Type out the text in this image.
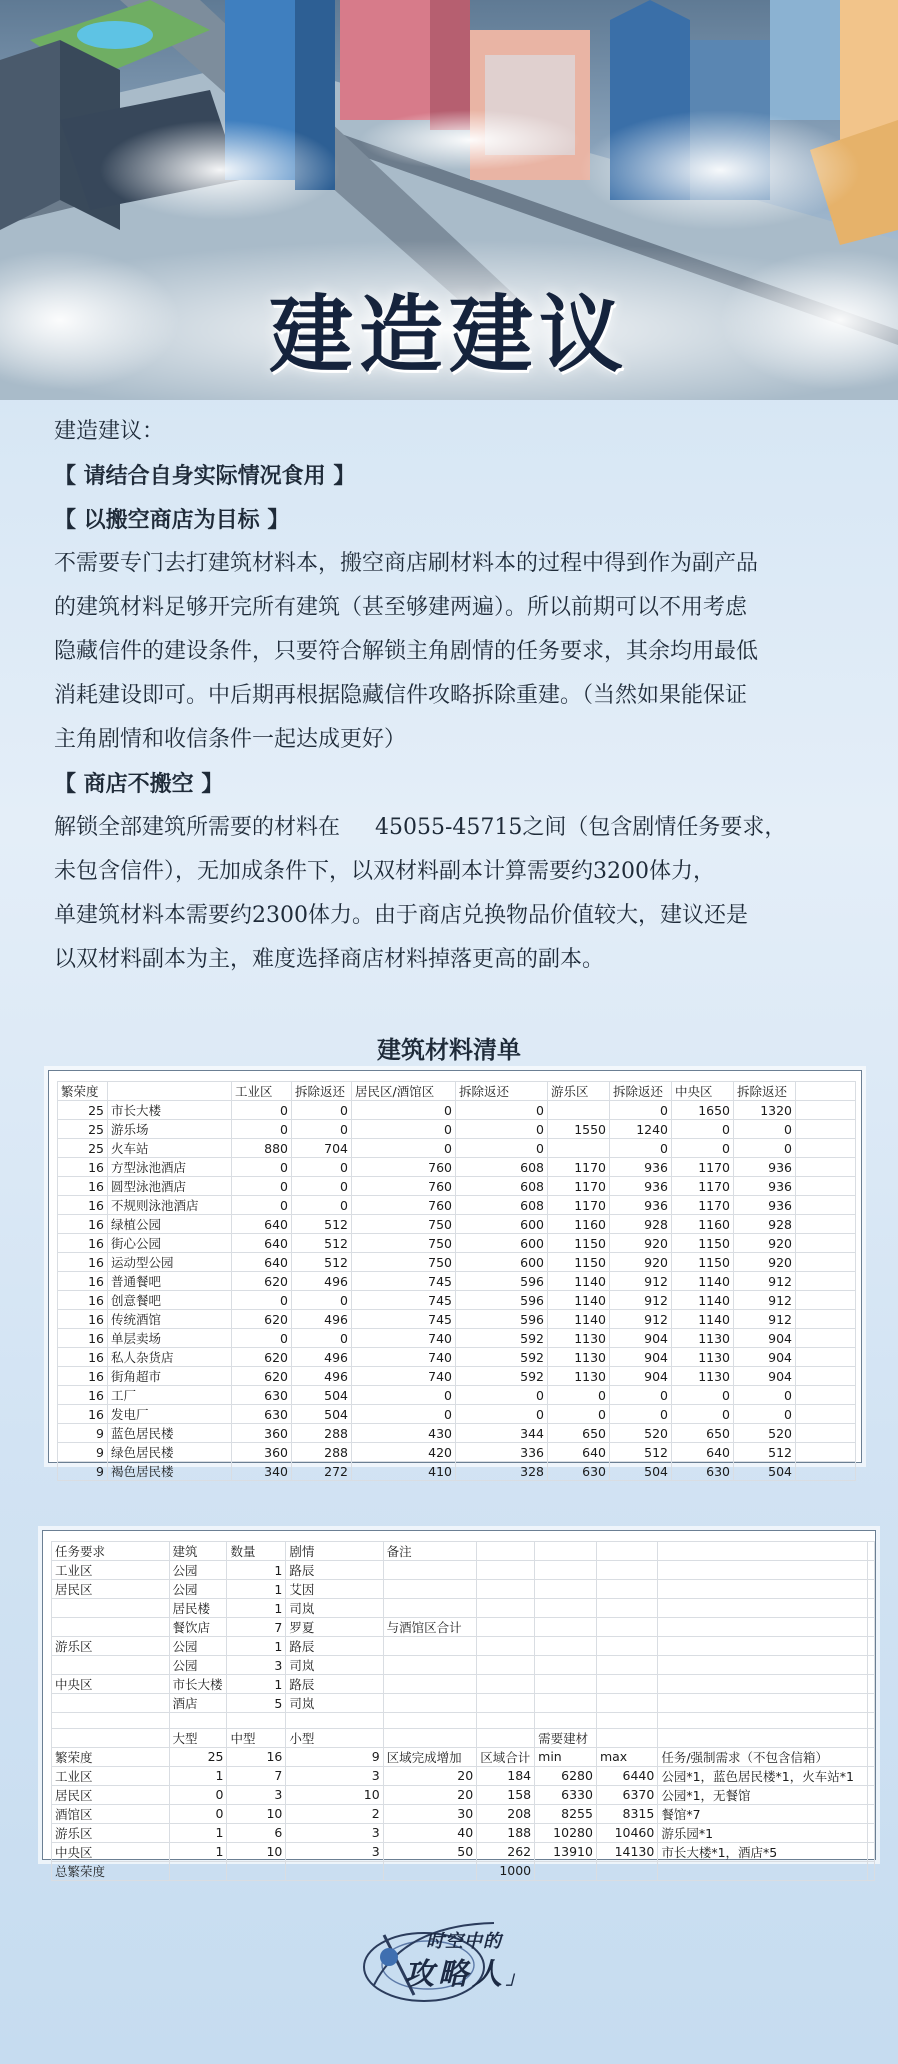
建造建议

建造建议：

【 请结合自身实际情况食用 】

【 以搬空商店为目标 】

不需要专门去打建筑材料本，搬空商店刷材料本的过程中得到作为副产品

的建筑材料足够开完所有建筑（甚至够建两遍）。所以前期可以不用考虑

隐藏信件的建设条件，只要符合解锁主角剧情的任务要求，其余均用最低

消耗建设即可。中后期再根据隐藏信件攻略拆除重建。（当然如果能保证

主角剧情和收信条件一起达成更好）

【 商店不搬空 】

解锁全部建筑所需要的材料在     45055-45715之间（包含剧情任务要求，

未包含信件），无加成条件下，以双材料副本计算需要约3200体力，

单建筑材料本需要约2300体力。由于商店兑换物品价值较大，建议还是

以双材料副本为主，难度选择商店材料掉落更高的副本。

建筑材料清单
繁荣度		工业区	拆除返还	居民区/酒馆区	拆除返还	游乐区	拆除返还	中央区	拆除返还	
25	市长大楼	0	0	0	0		0	1650	1320	
25	游乐场	0	0	0	0	1550	1240	0	0	
25	火车站	880	704	0	0		0	0	0	
16	方型泳池酒店	0	0	760	608	1170	936	1170	936	
16	圆型泳池酒店	0	0	760	608	1170	936	1170	936	
16	不规则泳池酒店	0	0	760	608	1170	936	1170	936	
16	绿植公园	640	512	750	600	1160	928	1160	928	
16	街心公园	640	512	750	600	1150	920	1150	920	
16	运动型公园	640	512	750	600	1150	920	1150	920	
16	普通餐吧	620	496	745	596	1140	912	1140	912	
16	创意餐吧	0	0	745	596	1140	912	1140	912	
16	传统酒馆	620	496	745	596	1140	912	1140	912	
16	单层卖场	0	0	740	592	1130	904	1130	904	
16	私人杂货店	620	496	740	592	1130	904	1130	904	
16	街角超市	620	496	740	592	1130	904	1130	904	
16	工厂	630	504	0	0	0	0	0	0	
16	发电厂	630	504	0	0	0	0	0	0	
9	蓝色居民楼	360	288	430	344	650	520	650	520	
9	绿色居民楼	360	288	420	336	640	512	640	512	
9	褐色居民楼	340	272	410	328	630	504	630	504	
任务要求	建筑	数量	剧情	备注					
工业区	公园	1	路辰						
居民区	公园	1	艾因						
	居民楼	1	司岚						
	餐饮店	7	罗夏	与酒馆区合计					
游乐区	公园	1	路辰						
	公园	3	司岚						
中央区	市长大楼	1	路辰						
	酒店	5	司岚						

	大型	中型	小型			需要建材			
繁荣度	25	16	9	区域完成增加	区域合计	min	max	任务/强制需求（不包含信箱）	
工业区	1	7	3	20	184	6280	6440	公园*1，蓝色居民楼*1，火车站*1	
居民区	0	3	10	20	158	6330	6370	公园*1，无餐馆	
酒馆区	0	10	2	30	208	8255	8315	餐馆*7	
游乐区	1	6	3	40	188	10280	10460	游乐园*1	
中央区	1	10	3	50	262	13910	14130	市长大楼*1，酒店*5	
总繁荣度					1000				
时空中的
攻略人」
